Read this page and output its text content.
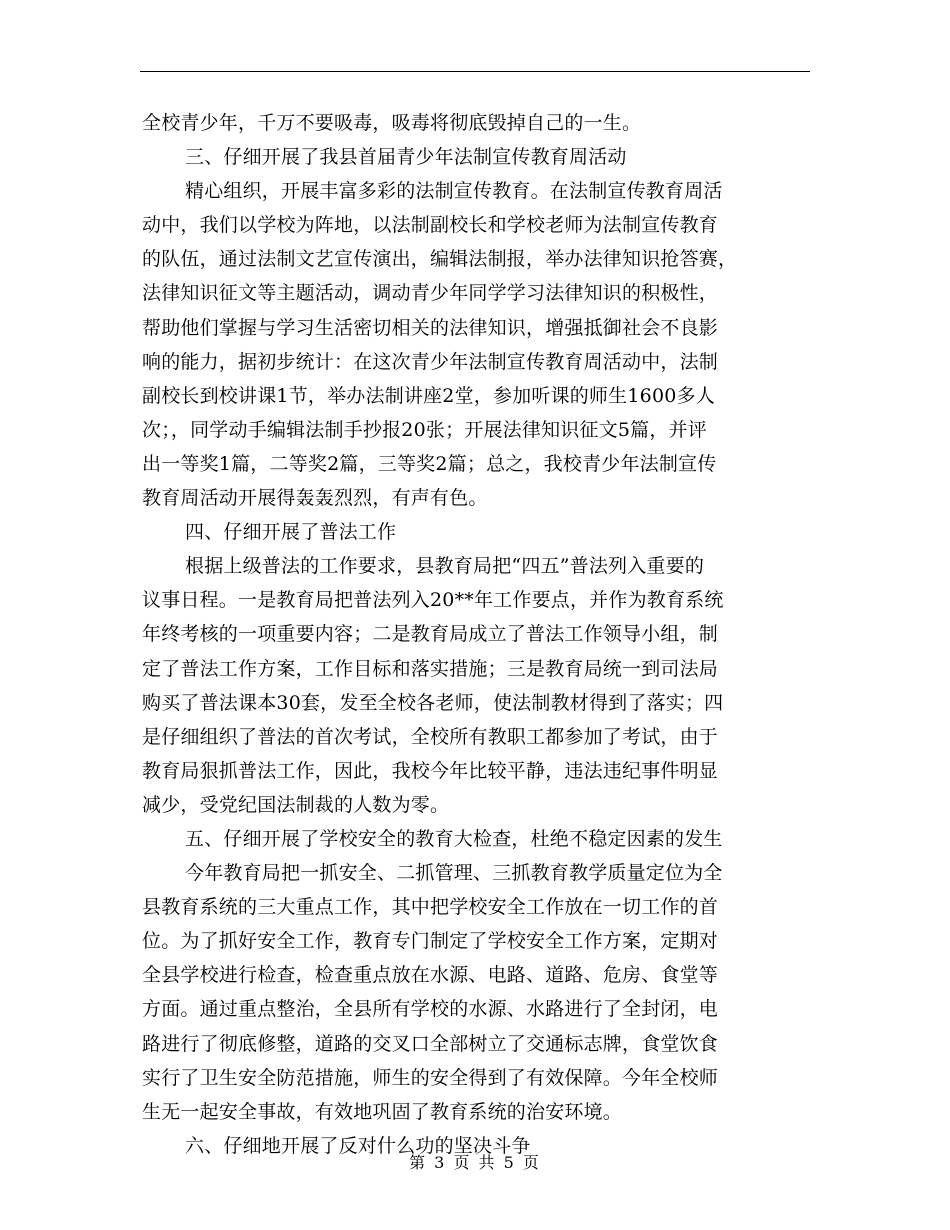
全校青少年，千万不要吸毒，吸毒将彻底毁掉自己的一生。
三、仔细开展了我县首届青少年法制宣传教育周活动
精心组织，开展丰富多彩的法制宣传教育。在法制宣传教育周活
动中，我们以学校为阵地，以法制副校长和学校老师为法制宣传教育
的队伍，通过法制文艺宣传演出，编辑法制报，举办法律知识抢答赛，
法律知识征文等主题活动，调动青少年同学学习法律知识的积极性，
帮助他们掌握与学习生活密切相关的法律知识，增强抵御社会不良影
响的能力，据初步统计：在这次青少年法制宣传教育周活动中，法制
副校长到校讲课1节，举办法制讲座2堂，参加听课的师生1600多人
次；，同学动手编辑法制手抄报20张；开展法律知识征文5篇，并评
出一等奖1篇，二等奖2篇，三等奖2篇；总之，我校青少年法制宣传
教育周活动开展得轰轰烈烈，有声有色。
四、仔细开展了普法工作
根据上级普法的工作要求，县教育局把“四五”普法列入重要的
议事日程。一是教育局把普法列入20**年工作要点，并作为教育系统
年终考核的一项重要内容；二是教育局成立了普法工作领导小组，制
定了普法工作方案，工作目标和落实措施；三是教育局统一到司法局
购买了普法课本30套，发至全校各老师，使法制教材得到了落实；四
是仔细组织了普法的首次考试，全校所有教职工都参加了考试，由于
教育局狠抓普法工作，因此，我校今年比较平静，违法违纪事件明显
减少，受党纪国法制裁的人数为零。
五、仔细开展了学校安全的教育大检查，杜绝不稳定因素的发生
今年教育局把一抓安全、二抓管理、三抓教育教学质量定位为全
县教育系统的三大重点工作，其中把学校安全工作放在一切工作的首
位。为了抓好安全工作，教育专门制定了学校安全工作方案，定期对
全县学校进行检查，检查重点放在水源、电路、道路、危房、食堂等
方面。通过重点整治，全县所有学校的水源、水路进行了全封闭，电
路进行了彻底修整，道路的交叉口全部树立了交通标志牌，食堂饮食
实行了卫生安全防范措施，师生的安全得到了有效保障。今年全校师
生无一起安全事故，有效地巩固了教育系统的治安环境。
六、仔细地开展了反对什么功的坚决斗争
第 3 页 共 5 页
